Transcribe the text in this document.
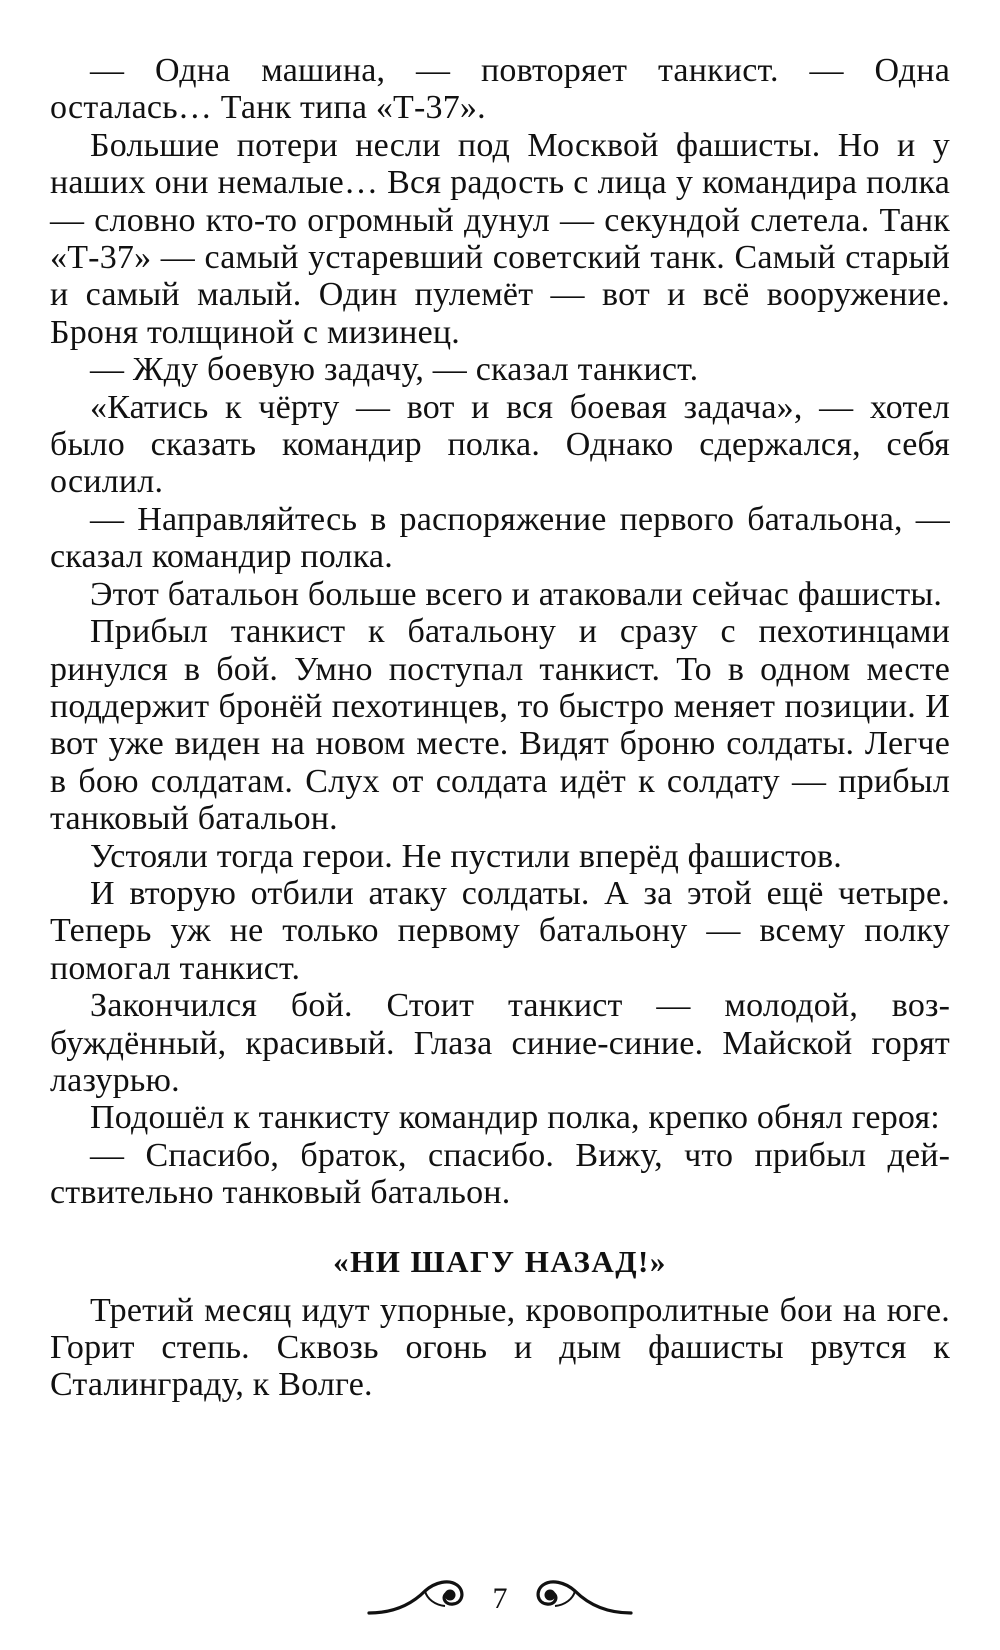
— Одна машина, — повторяет танкист. — Одна осталась… Танк типа «Т-37».

Большие потери несли под Москвой фашисты. Но и у наших они немалые… Вся радость с лица у командира полка — словно кто-то огромный дунул — секундой слетела. Танк «Т-37» — самый устаревший советский танк. Самый старый и самый малый. Один пулемёт — вот и всё вооружение. Броня толщиной с мизинец.

— Жду боевую задачу, — сказал танкист.

«Катись к чёрту — вот и вся боевая задача», — хотел было сказать командир полка. Однако сдержался, себя осилил.

— Направляйтесь в распоряжение первого батальона, — сказал командир полка.

Этот батальон больше всего и атаковали сейчас фашисты.

Прибыл танкист к батальону и сразу с пехотинцами ринулся в бой. Умно поступал танкист. То в одном месте поддержит бронёй пехотинцев, то быстро меняет позиции. И вот уже виден на новом месте. Видят броню солдаты. Легче в бою солдатам. Слух от солдата идёт к солдату — прибыл танковый батальон.

Устояли тогда герои. Не пустили вперёд фашистов.

И вторую отбили атаку солдаты. А за этой ещё четыре. Теперь уж не только первому батальону — всему полку помогал танкист.

Закончился бой. Стоит танкист — молодой, возбуждённый, красивый. Глаза синие-синие. Майской горят лазурью.

Подошёл к танкисту командир полка, крепко обнял героя:

— Спасибо, браток, спасибо. Вижу, что прибыл действительно танковый батальон.

«НИ ШАГУ НАЗАД!»

Третий месяц идут упорные, кровопролитные бои на юге. Горит степь. Сквозь огонь и дым фашисты рвутся к Сталинграду, к Волге.

7
